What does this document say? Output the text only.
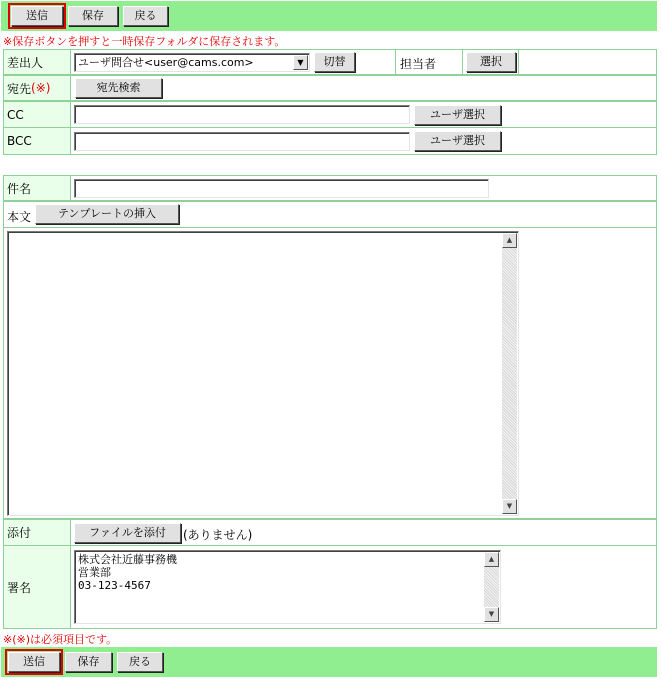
送信	保存	戻る
※保存ボタンを押すと一時保存フォルダに保存されます。
差出人	ユーザ問合せ<user@cams.com>	▼	切替	担当者	選択
宛先 (※)	宛先検索
CC	ユーザ選択
BCC	ユーザ選択
件名
本文	テンプレートの挿入
▲
▼
添付	ファイルを添付	(ありません)
署名
株式会社近藤事務機
営業部
03-123-4567
▲
▼
※(※)は必須項目です。
送信	保存	戻る
